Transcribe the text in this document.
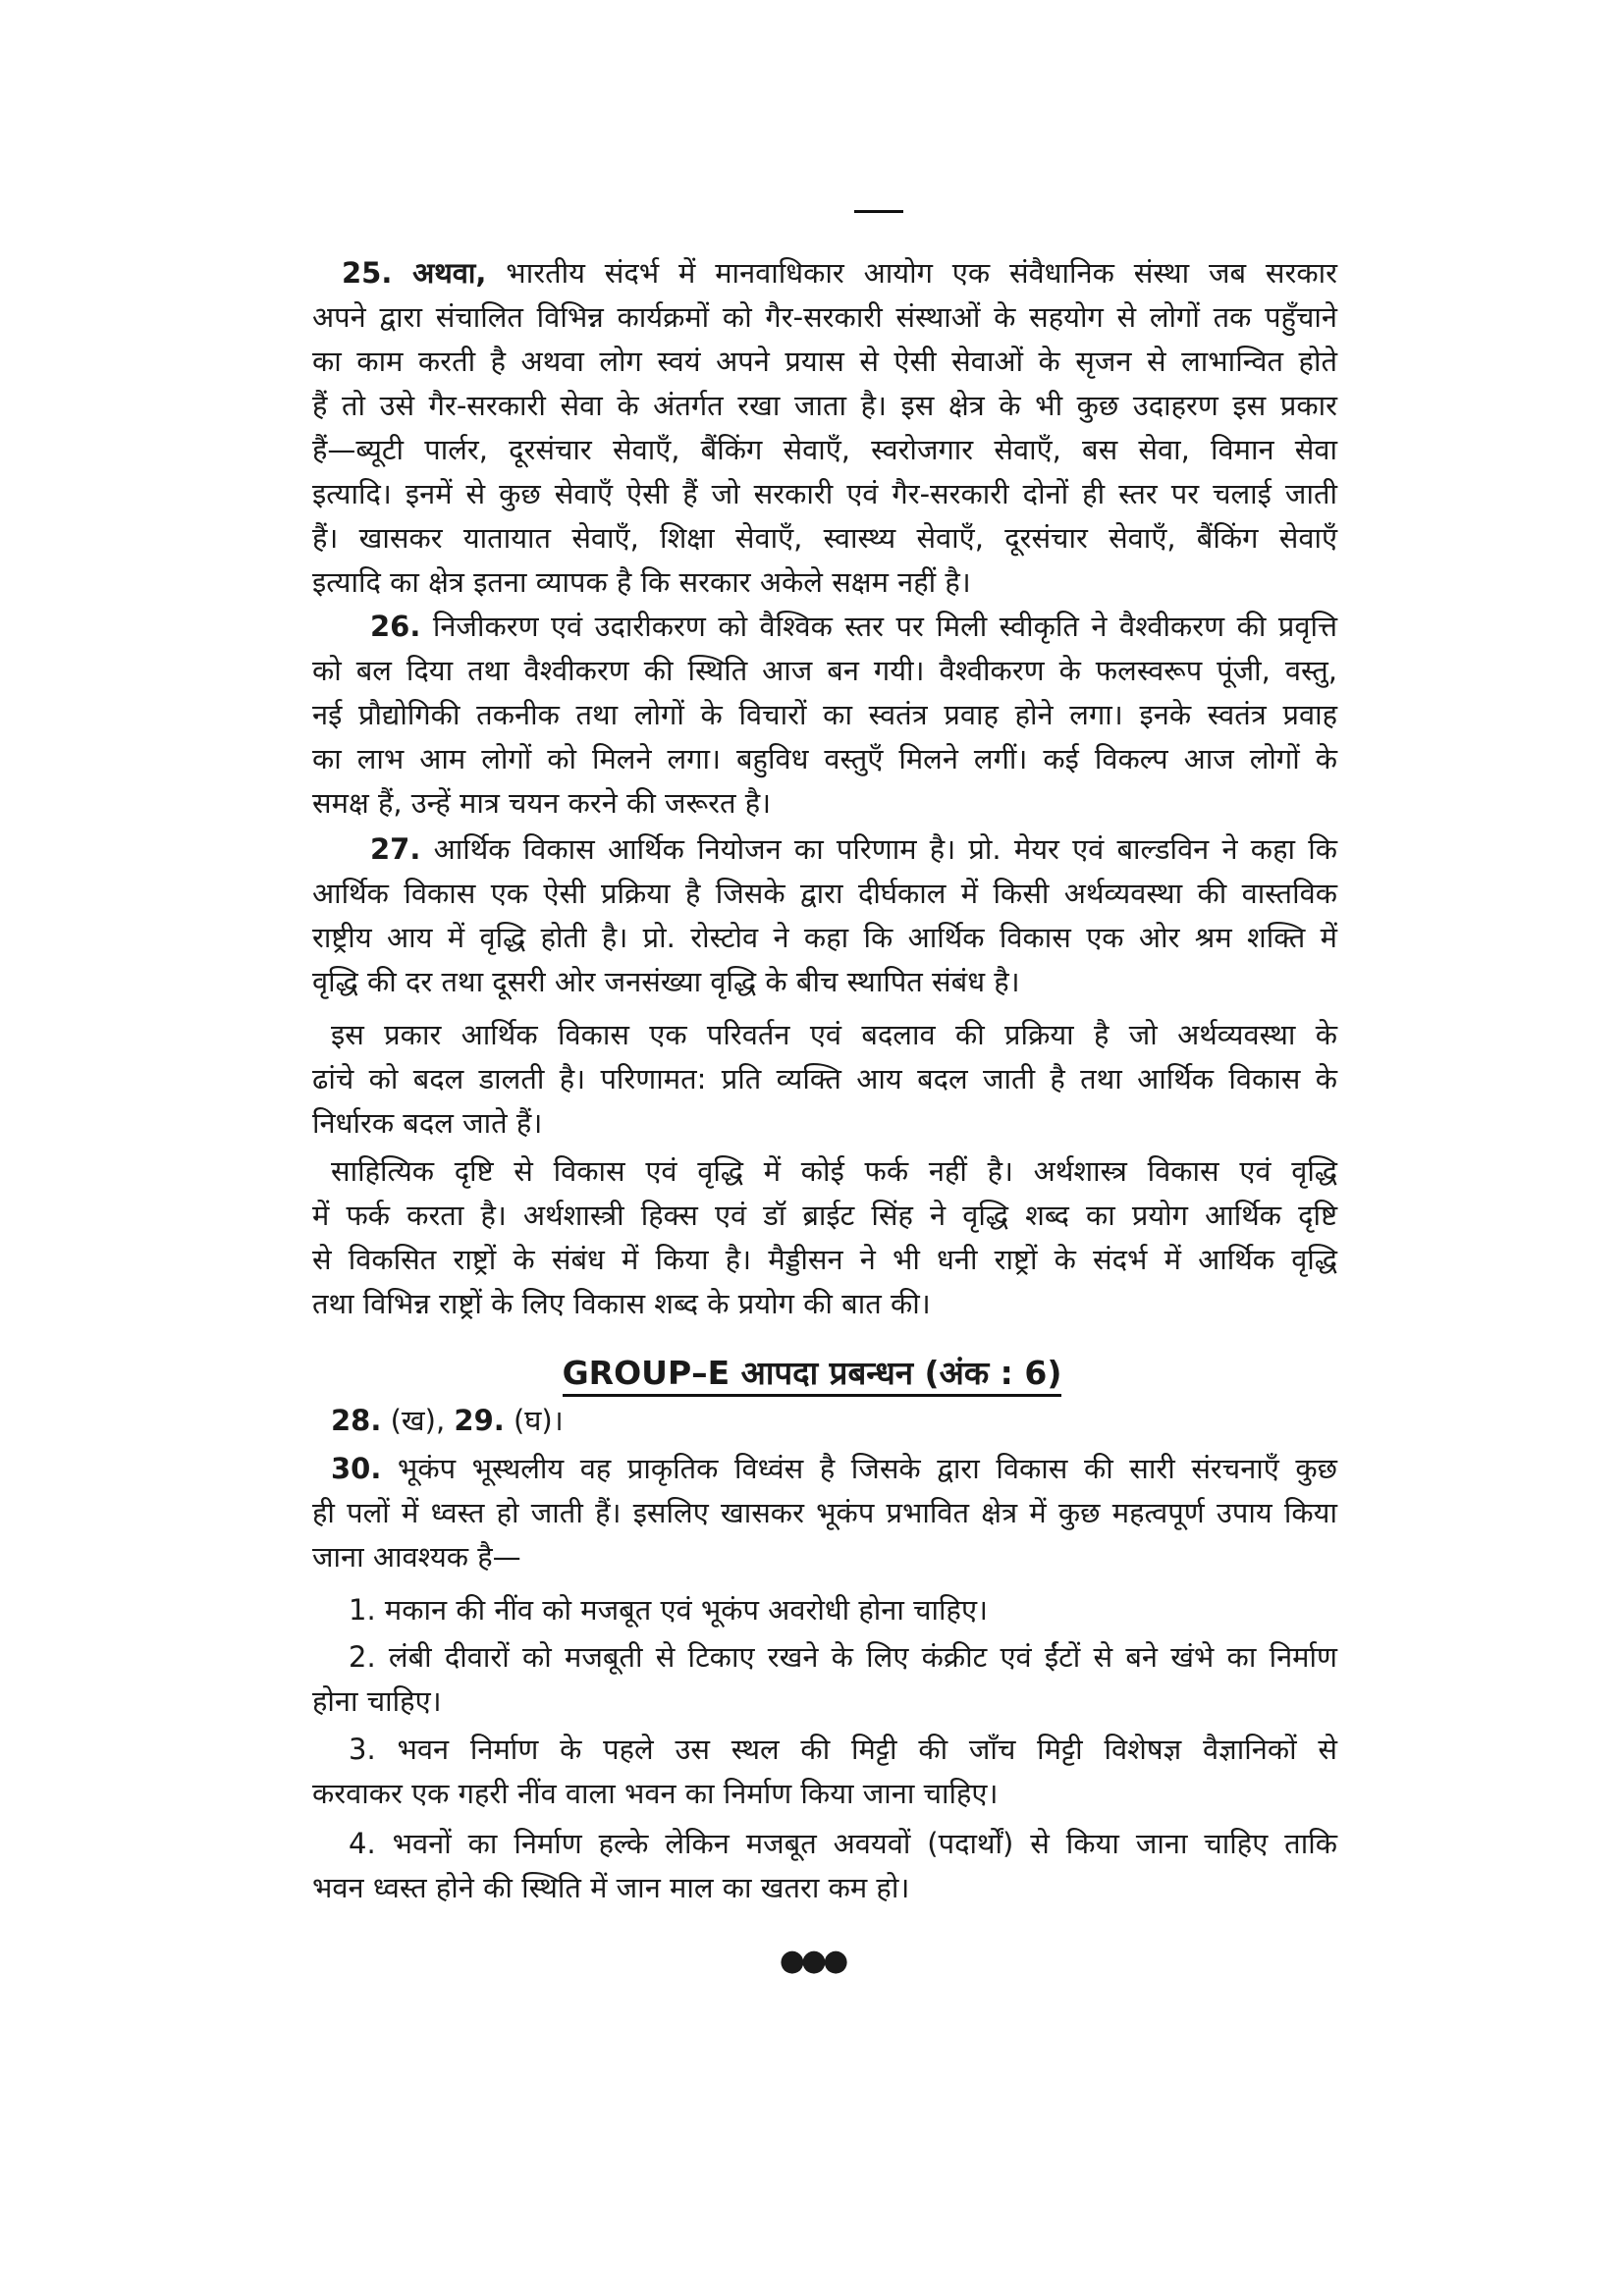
25. अथवा, भारतीय संदर्भ में मानवाधिकार आयोग एक संवैधानिक संस्था जब सरकार
अपने द्वारा संचालित विभिन्न कार्यक्रमों को गैर-सरकारी संस्थाओं के सहयोग से लोगों तक पहुँचाने
का काम करती है अथवा लोग स्वयं अपने प्रयास से ऐसी सेवाओं के सृजन से लाभान्वित होते
हैं तो उसे गैर-सरकारी सेवा के अंतर्गत रखा जाता है। इस क्षेत्र के भी कुछ उदाहरण इस प्रकार
हैं—ब्यूटी पार्लर, दूरसंचार सेवाएँ, बैंकिंग सेवाएँ, स्वरोजगार सेवाएँ, बस सेवा, विमान सेवा
इत्यादि। इनमें से कुछ सेवाएँ ऐसी हैं जो सरकारी एवं गैर-सरकारी दोनों ही स्तर पर चलाई जाती
हैं। खासकर यातायात सेवाएँ, शिक्षा सेवाएँ, स्वास्थ्य सेवाएँ, दूरसंचार सेवाएँ, बैंकिंग सेवाएँ
इत्यादि का क्षेत्र इतना व्यापक है कि सरकार अकेले सक्षम नहीं है।
26. निजीकरण एवं उदारीकरण को वैश्विक स्तर पर मिली स्वीकृति ने वैश्वीकरण की प्रवृत्ति
को बल दिया तथा वैश्वीकरण की स्थिति आज बन गयी। वैश्वीकरण के फलस्वरूप पूंजी, वस्तु,
नई प्रौद्योगिकी तकनीक तथा लोगों के विचारों का स्वतंत्र प्रवाह होने लगा। इनके स्वतंत्र प्रवाह
का लाभ आम लोगों को मिलने लगा। बहुविध वस्तुएँ मिलने लगीं। कई विकल्प आज लोगों के
समक्ष हैं, उन्हें मात्र चयन करने की जरूरत है।
27. आर्थिक विकास आर्थिक नियोजन का परिणाम है। प्रो. मेयर एवं बाल्डविन ने कहा कि
आर्थिक विकास एक ऐसी प्रक्रिया है जिसके द्वारा दीर्घकाल में किसी अर्थव्यवस्था की वास्तविक
राष्ट्रीय आय में वृद्धि होती है। प्रो. रोस्टोव ने कहा कि आर्थिक विकास एक ओर श्रम शक्ति में
वृद्धि की दर तथा दूसरी ओर जनसंख्या वृद्धि के बीच स्थापित संबंध है।
इस प्रकार आर्थिक विकास एक परिवर्तन एवं बदलाव की प्रक्रिया है जो अर्थव्यवस्था के
ढांचे को बदल डालती है। परिणामत: प्रति व्यक्ति आय बदल जाती है तथा आर्थिक विकास के
निर्धारक बदल जाते हैं।
साहित्यिक दृष्टि से विकास एवं वृद्धि में कोई फर्क नहीं है। अर्थशास्त्र विकास एवं वृद्धि
में फर्क करता है। अर्थशास्त्री हिक्स एवं डॉ ब्राईट सिंह ने वृद्धि शब्द का प्रयोग आर्थिक दृष्टि
से विकसित राष्ट्रों के संबंध में किया है। मैड्डीसन ने भी धनी राष्ट्रों के संदर्भ में आर्थिक वृद्धि
तथा विभिन्न राष्ट्रों के लिए विकास शब्द के प्रयोग की बात की।
28. (ख), 29. (घ)।
30. भूकंप भूस्थलीय वह प्राकृतिक विध्वंस है जिसके द्वारा विकास की सारी संरचनाएँ कुछ
ही पलों में ध्वस्त हो जाती हैं। इसलिए खासकर भूकंप प्रभावित क्षेत्र में कुछ महत्वपूर्ण उपाय किया
जाना आवश्यक है—
1. मकान की नींव को मजबूत एवं भूकंप अवरोधी होना चाहिए।
2. लंबी दीवारों को मजबूती से टिकाए रखने के लिए कंक्रीट एवं ईंटों से बने खंभे का निर्माण
होना चाहिए।
3. भवन निर्माण के पहले उस स्थल की मिट्टी की जाँच मिट्टी विशेषज्ञ वैज्ञानिकों से
करवाकर एक गहरी नींव वाला भवन का निर्माण किया जाना चाहिए।
4. भवनों का निर्माण हल्के लेकिन मजबूत अवयवों (पदार्थों) से किया जाना चाहिए ताकि
भवन ध्वस्त होने की स्थिति में जान माल का खतरा कम हो।
GROUP–E आपदा प्रबन्धन (अंक : 6)
●●●
